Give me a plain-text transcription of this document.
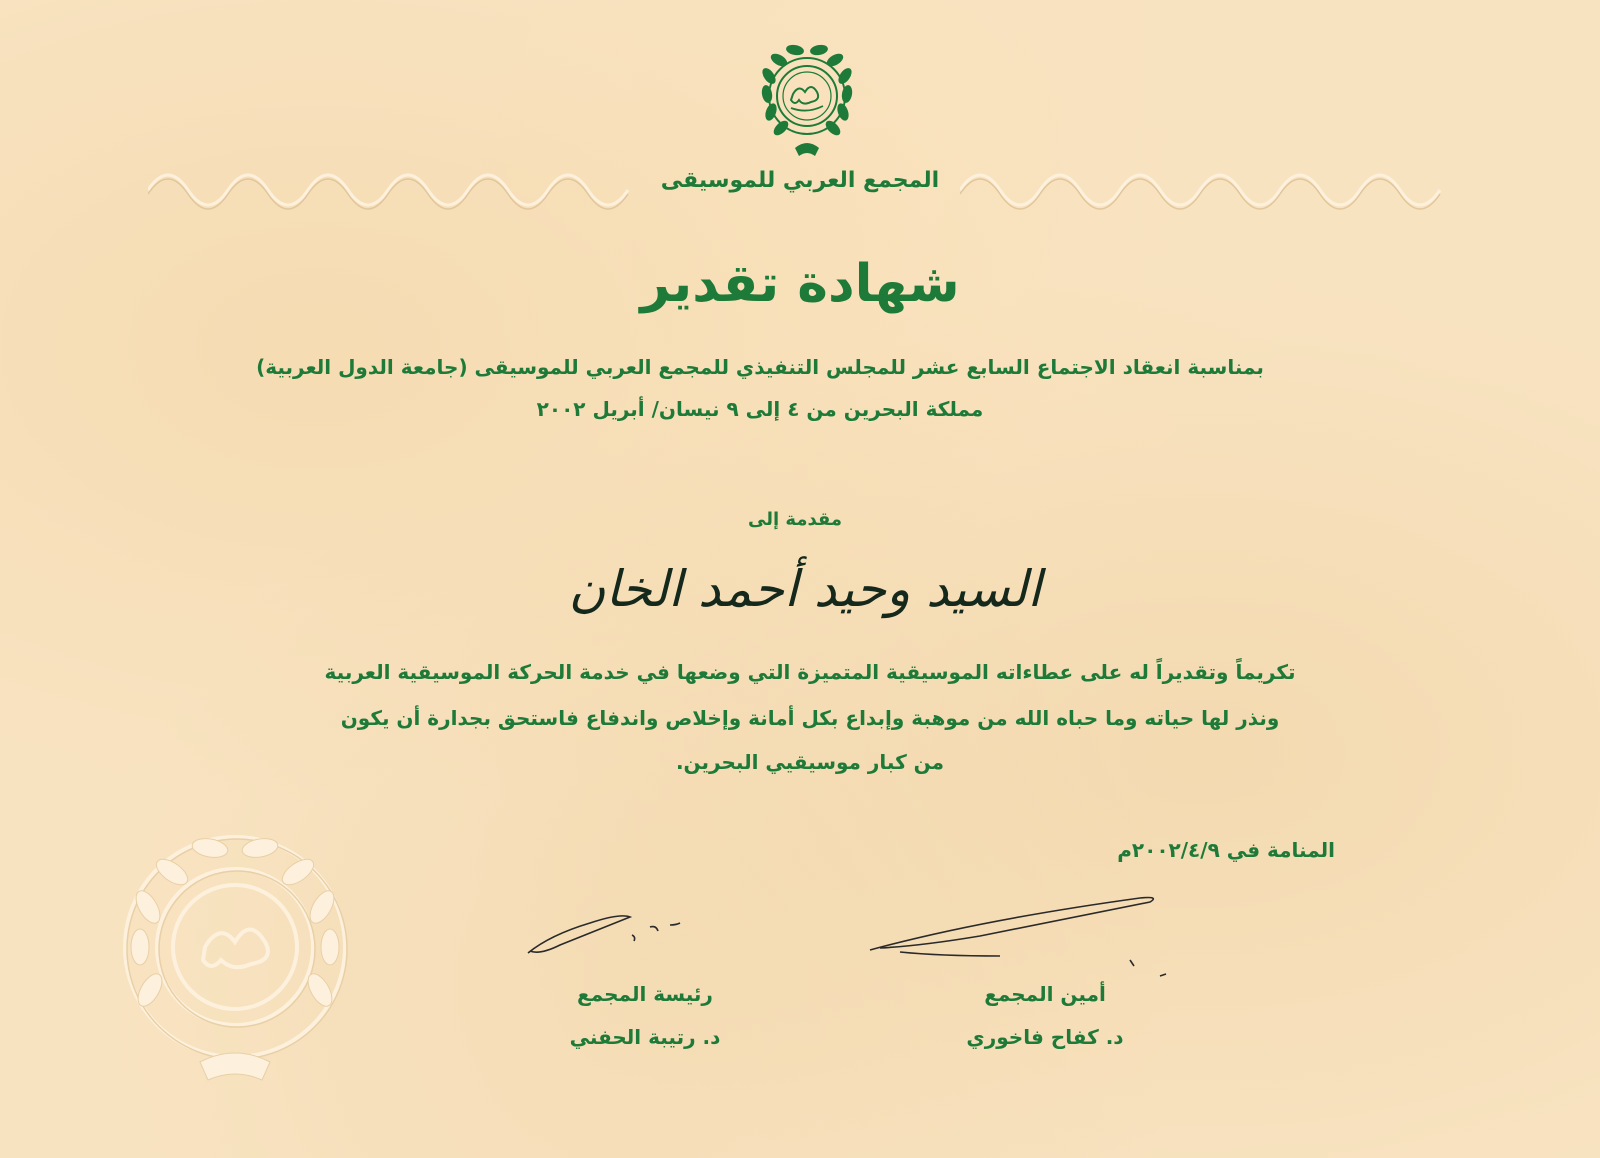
المجمع العربي للموسيقى
شهادة تقدير
بمناسبة انعقاد الاجتماع السابع عشر للمجلس التنفيذي للمجمع العربي للموسيقى (جامعة الدول العربية)
مملكة البحرين من ٤ إلى ٩ نيسان/ أبريل ٢٠٠٢
مقدمة إلى
السيد وحيد أحمد الخان
تكريماً وتقديراً له على عطاءاته الموسيقية المتميزة التي وضعها في خدمة الحركة الموسيقية العربية
ونذر لها حياته وما حباه الله من موهبة وإبداع بكل أمانة وإخلاص واندفاع فاستحق بجدارة أن يكون
من كبار موسيقيي البحرين.
المنامة في ٢٠٠٢/٤/٩م
رئيسة المجمع
د. رتيبة الحفني
أمين المجمع
د. كفاح فاخوري
